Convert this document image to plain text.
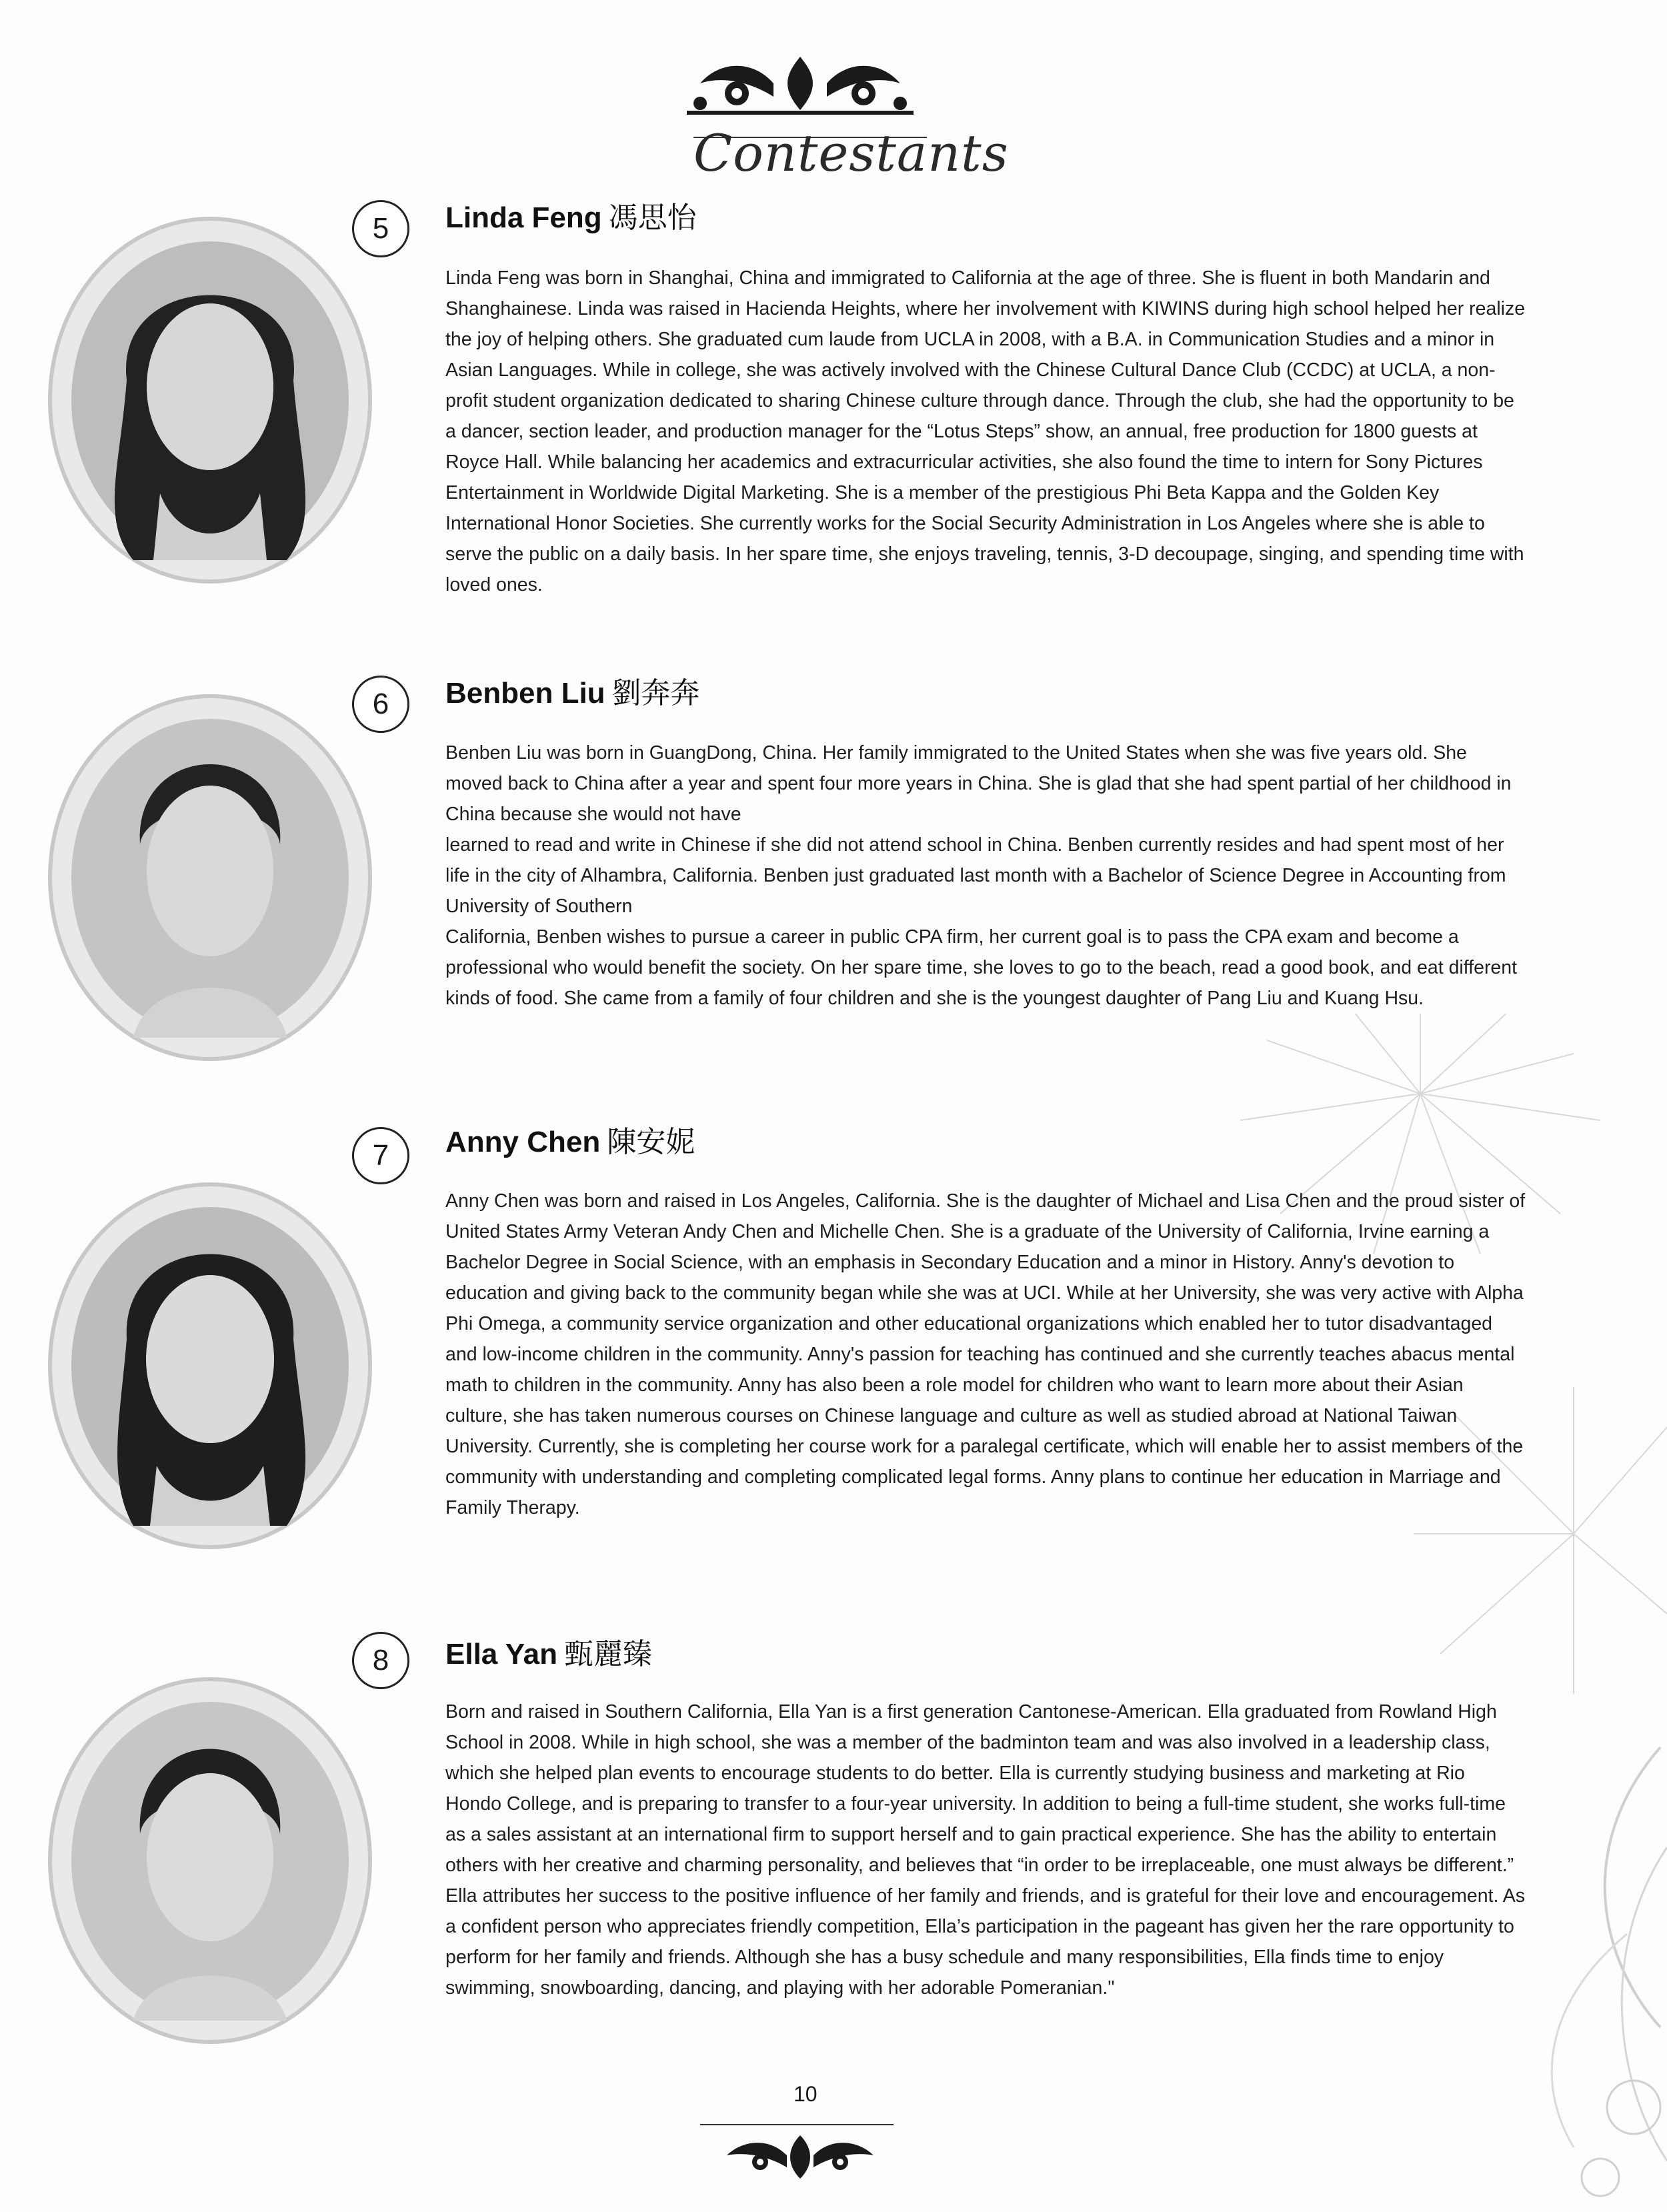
Contestants
5	Linda Feng 馮思怡

Linda Feng was born in Shanghai, China and immigrated to California at the age of three. She is fluent in both Mandarin and Shanghainese. Linda was raised in Hacienda Heights, where her involvement with KIWINS during high school helped her realize the joy of helping others. She graduated cum laude from UCLA in 2008, with a B.A. in Communication Studies and a minor in Asian Languages. While in college, she was actively involved with the Chinese Cultural Dance Club (CCDC) at UCLA, a non-profit student organization dedicated to sharing Chinese culture through dance. Through the club, she had the opportunity to be a dancer, section leader, and production manager for the “Lotus Steps” show, an annual, free production for 1800 guests at Royce Hall. While balancing her academics and extracurricular activities, she also found the time to intern for Sony Pictures Entertainment in Worldwide Digital Marketing. She is a member of the prestigious Phi Beta Kappa and the Golden Key International Honor Societies. She currently works for the Social Security Administration in Los Angeles where she is able to serve the public on a daily basis. In her spare time, she enjoys traveling, tennis, 3-D decoupage, singing, and spending time with loved ones.

6	Benben Liu 劉奔奔

Benben Liu was born in GuangDong, China. Her family immigrated to the United States when she was five years old. She moved back to China after a year and spent four more years in China. She is glad that she had spent partial of her childhood in China because she would not have

learned to read and write in Chinese if she did not attend school in China. Benben currently resides and had spent most of her life in the city of Alhambra, California. Benben just graduated last month with a Bachelor of Science Degree in Accounting from University of Southern

California, Benben wishes to pursue a career in public CPA firm, her current goal is to pass the CPA exam and become a professional who would benefit the society. On her spare time, she loves to go to the beach, read a good book, and eat different kinds of food. She came from a family of four children and she is the youngest daughter of Pang Liu and Kuang Hsu.

7	Anny Chen 陳安妮

Anny Chen was born and raised in Los Angeles, California. She is the daughter of Michael and Lisa Chen and the proud sister of United States Army Veteran Andy Chen and Michelle Chen. She is a graduate of the University of California, Irvine earning a Bachelor Degree in Social Science, with an emphasis in Secondary Education and a minor in History. Anny's devotion to education and giving back to the community began while she was at UCI. While at her University, she was very active with Alpha Phi Omega, a community service organization and other educational organizations which enabled her to tutor disadvantaged and low-income children in the community. Anny's passion for teaching has continued and she currently teaches abacus mental math to children in the community. Anny has also been a role model for children who want to learn more about their Asian culture, she has taken numerous courses on Chinese language and culture as well as studied abroad at National Taiwan University. Currently, she is completing her course work for a paralegal certificate, which will enable her to assist members of the community with understanding and completing complicated legal forms. Anny plans to continue her education in Marriage and Family Therapy.

8	Ella Yan 甄麗臻

Born and raised in Southern California, Ella Yan is a first generation Cantonese-American. Ella graduated from Rowland High School in 2008. While in high school, she was a member of the badminton team and was also involved in a leadership class, which she helped plan events to encourage students to do better. Ella is currently studying business and marketing at Rio Hondo College, and is preparing to transfer to a four-year university. In addition to being a full-time student, she works full-time as a sales assistant at an international firm to support herself and to gain practical experience. She has the ability to entertain others with her creative and charming personality, and believes that “in order to be irreplaceable, one must always be different.” Ella attributes her success to the positive influence of her family and friends, and is grateful for their love and encouragement. As a confident person who appreciates friendly competition, Ella’s participation in the pageant has given her the rare opportunity to perform for her family and friends. Although she has a busy schedule and many responsibilities, Ella finds time to enjoy swimming, snowboarding, dancing, and playing with her adorable Pomeranian."

10
